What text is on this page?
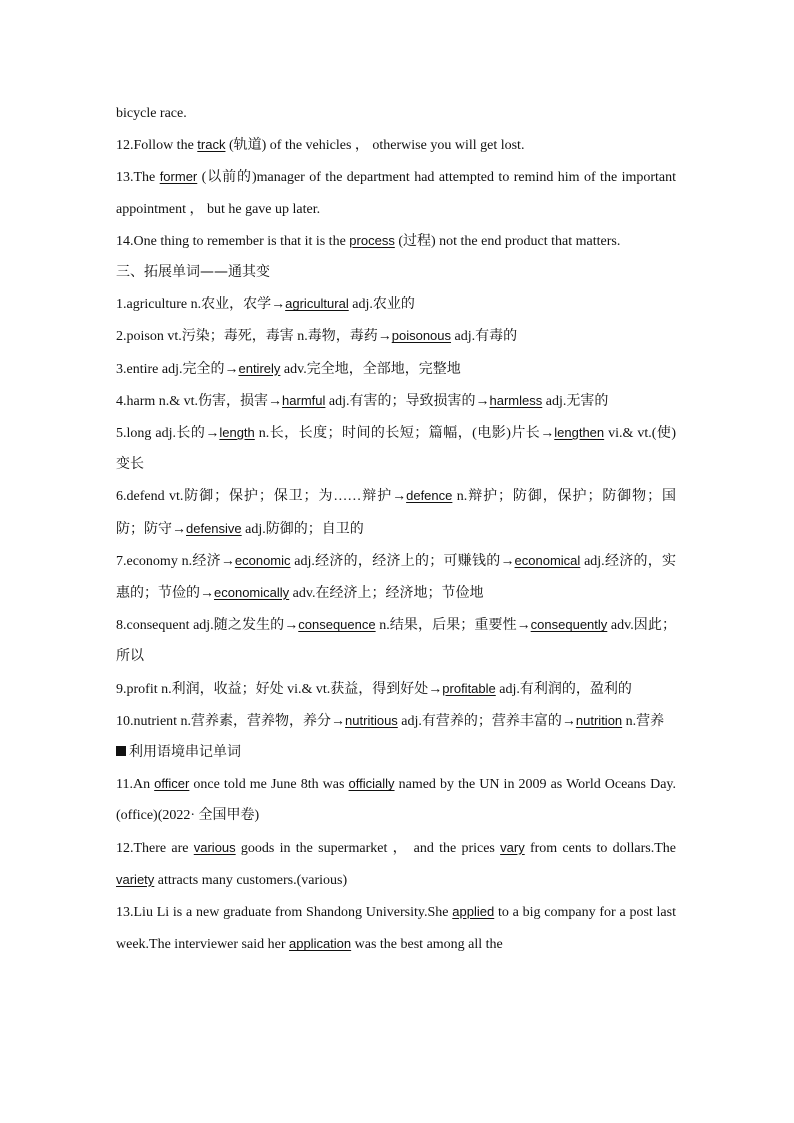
bicycle race.

12.Follow the track (轨道) of the vehicles ， otherwise you will get lost.

13.The former (以前的)manager of the department had attempted to remind him of the important appointment ， but he gave up later.

14.One thing to remember is that it is the process (过程) not the end product that matters.

三、拓展单词——通其变

1.agriculture n.农业，农学→agricultural adj.农业的

2.poison vt.污染；毒死，毒害 n.毒物，毒药→poisonous adj.有毒的

3.entire adj.完全的→entirely adv.完全地，全部地，完整地

4.harm n.& vt.伤害，损害→harmful adj.有害的；导致损害的→harmless adj.无害的

5.long adj.长的→length n.长，长度；时间的长短；篇幅，(电影)片长→lengthen vi.& vt.(使)变长

6.defend vt.防御；保护；保卫；为……辩护→defence n.辩护；防御，保护；防御物；国防；防守→defensive adj.防御的；自卫的

7.economy n.经济→economic adj.经济的，经济上的；可赚钱的→economical adj.经济的，实惠的；节俭的→economically adv.在经济上；经济地；节俭地

8.consequent adj.随之发生的→consequence n.结果，后果；重要性→consequently adv.因此；所以

9.profit n.利润，收益；好处 vi.& vt.获益，得到好处→profitable adj.有利润的，盈利的

10.nutrient n.营养素，营养物，养分→nutritious adj.有营养的；营养丰富的→nutrition n.营养

利用语境串记单词

11.An officer once told me June 8th was officially named by the UN in 2009 as World Oceans Day.(office)(2022· 全国甲卷)

12.There are various goods in the supermarket ， and the prices vary from cents to dollars.The variety attracts many customers.(various)

13.Liu Li is a new graduate from Shandong University.She applied to a big company for a post last week.The interviewer said her application was the best among all the
